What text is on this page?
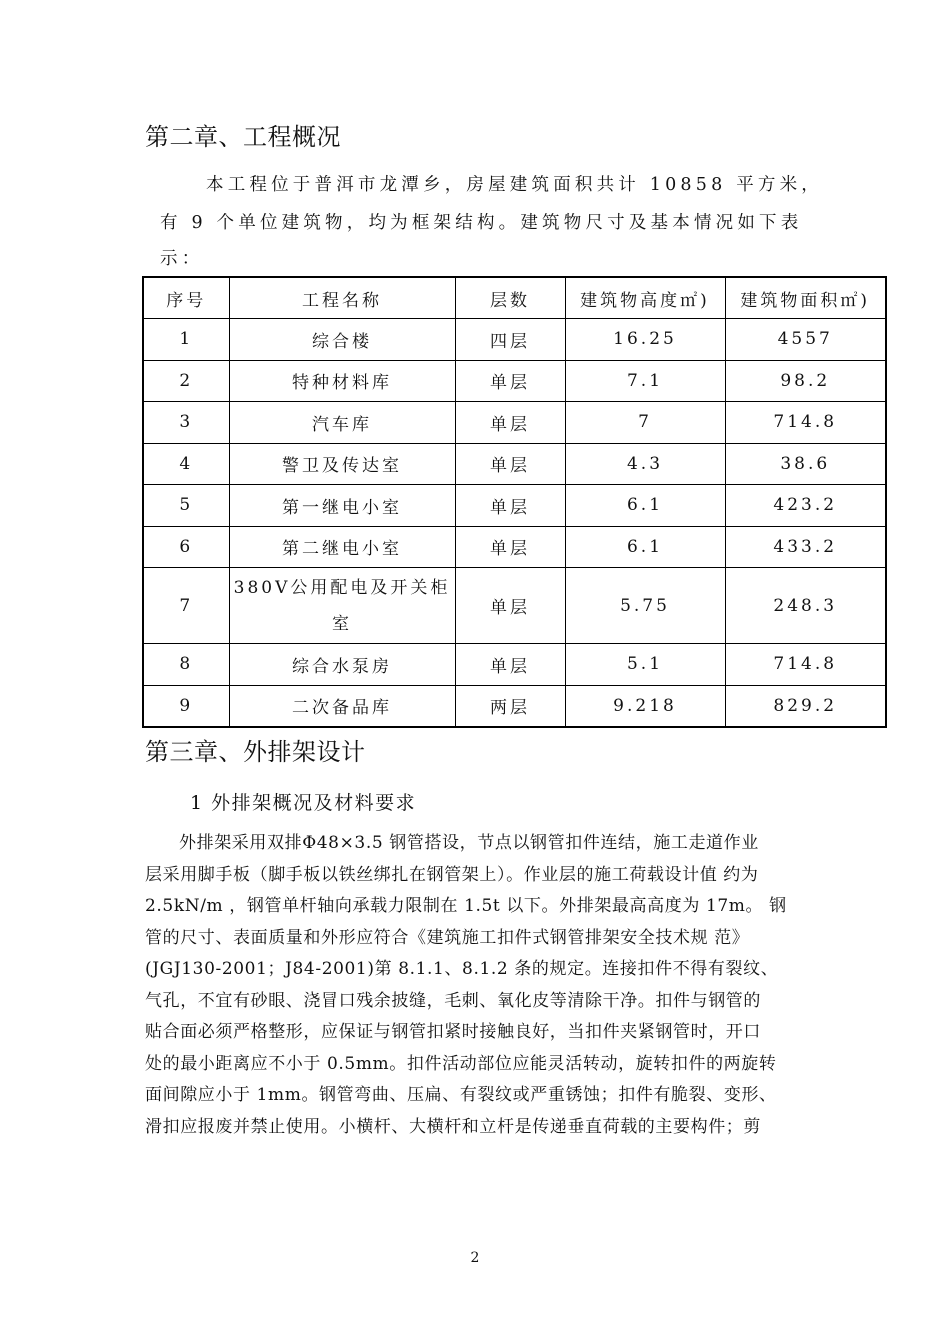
第二章、工程概况
本工程位于普洱市龙潭乡，房屋建筑面积共计 10858 平方米，
有 9 个单位建筑物，均为框架结构。建筑物尺寸及基本情况如下表
示：
序号	工程名称	层数	建筑物高度㎡)	建筑物面积㎡)
1	综合楼	四层	16.25	4557
2	特种材料库	单层	7.1	98.2
3	汽车库	单层	7	714.8
4	警卫及传达室	单层	4.3	38.6
5	第一继电小室	单层	6.1	423.2
6	第二继电小室	单层	6.1	433.2
7	380V公用配电及开关柜室	单层	5.75	248.3
8	综合水泵房	单层	5.1	714.8
9	二次备品库	两层	9.218	829.2
第三章、外排架设计
1 外排架概况及材料要求
外排架采用双排Φ48×3.5 钢管搭设，节点以钢管扣件连结，施工走道作业
层采用脚手板（脚手板以铁丝绑扎在钢管架上）。作业层的施工荷载设计值 约为
2.5kN/m ，钢管单杆轴向承载力限制在 1.5t 以下。外排架最高高度为 17m。 钢
管的尺寸、表面质量和外形应符合《建筑施工扣件式钢管排架安全技术规 范》
(JGJ130-2001；J84-2001)第 8.1.1、8.1.2 条的规定。连接扣件不得有裂纹、
气孔，不宜有砂眼、浇冒口残余披缝，毛刺、氧化皮等清除干净。扣件与钢管的
贴合面必须严格整形，应保证与钢管扣紧时接触良好，当扣件夹紧钢管时，开口
处的最小距离应不小于 0.5mm。扣件活动部位应能灵活转动，旋转扣件的两旋转
面间隙应小于 1mm。钢管弯曲、压扁、有裂纹或严重锈蚀；扣件有脆裂、变形、
滑扣应报废并禁止使用。小横杆、大横杆和立杆是传递垂直荷载的主要构件；剪
2
